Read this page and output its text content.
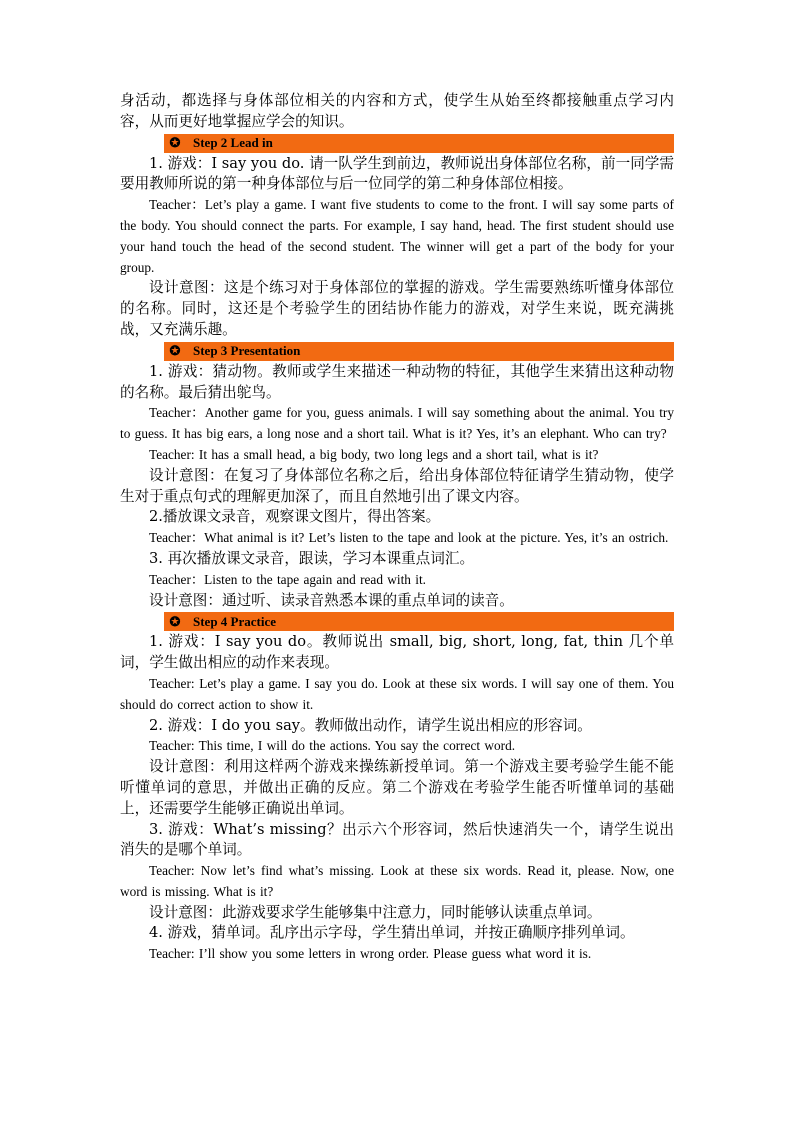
身活动，都选择与身体部位相关的内容和方式，使学生从始至终都接触重点学习内容，从而更好地掌握应学会的知识。

✪ Step 2 Lead in

1. 游戏：I say you do. 请一队学生到前边，教师说出身体部位名称，前一同学需要用教师所说的第一种身体部位与后一位同学的第二种身体部位相接。

Teacher：Let’s play a game. I want five students to come to the front. I will say some parts of the body. You should connect the parts. For example, I say hand, head. The first student should use your hand touch the head of the second student. The winner will get a part of the body for your group.

设计意图：这是个练习对于身体部位的掌握的游戏。学生需要熟练听懂身体部位的名称。同时，这还是个考验学生的团结协作能力的游戏，对学生来说，既充满挑战，又充满乐趣。

✪ Step 3 Presentation

1. 游戏：猜动物。教师或学生来描述一种动物的特征，其他学生来猜出这种动物的名称。最后猜出鸵鸟。

Teacher：Another game for you, guess animals. I will say something about the animal. You try to guess. It has big ears, a long nose and a short tail. What is it? Yes, it’s an elephant. Who can try?

Teacher: It has a small head, a big body, two long legs and a short tail, what is it?

设计意图：在复习了身体部位名称之后，给出身体部位特征请学生猜动物，使学生对于重点句式的理解更加深了，而且自然地引出了课文内容。

2.播放课文录音，观察课文图片，得出答案。

Teacher：What animal is it? Let’s listen to the tape and look at the picture. Yes, it’s an ostrich.

3. 再次播放课文录音，跟读，学习本课重点词汇。

Teacher：Listen to the tape again and read with it.

设计意图：通过听、读录音熟悉本课的重点单词的读音。

✪ Step 4 Practice

1. 游戏：I say you do。教师说出 small, big, short, long, fat, thin 几个单词，学生做出相应的动作来表现。

Teacher: Let’s play a game. I say you do. Look at these six words. I will say one of them. You should do correct action to show it.

2. 游戏：I do you say。教师做出动作，请学生说出相应的形容词。

Teacher: This time, I will do the actions. You say the correct word.

设计意图：利用这样两个游戏来操练新授单词。第一个游戏主要考验学生能不能听懂单词的意思，并做出正确的反应。第二个游戏在考验学生能否听懂单词的基础上，还需要学生能够正确说出单词。

3. 游戏：What’s missing？出示六个形容词，然后快速消失一个，请学生说出消失的是哪个单词。

Teacher: Now let’s find what’s missing. Look at these six words. Read it, please. Now, one word is missing. What is it?

设计意图：此游戏要求学生能够集中注意力，同时能够认读重点单词。

4. 游戏，猜单词。乱序出示字母，学生猜出单词，并按正确顺序排列单词。

Teacher: I’ll show you some letters in wrong order. Please guess what word it is.
